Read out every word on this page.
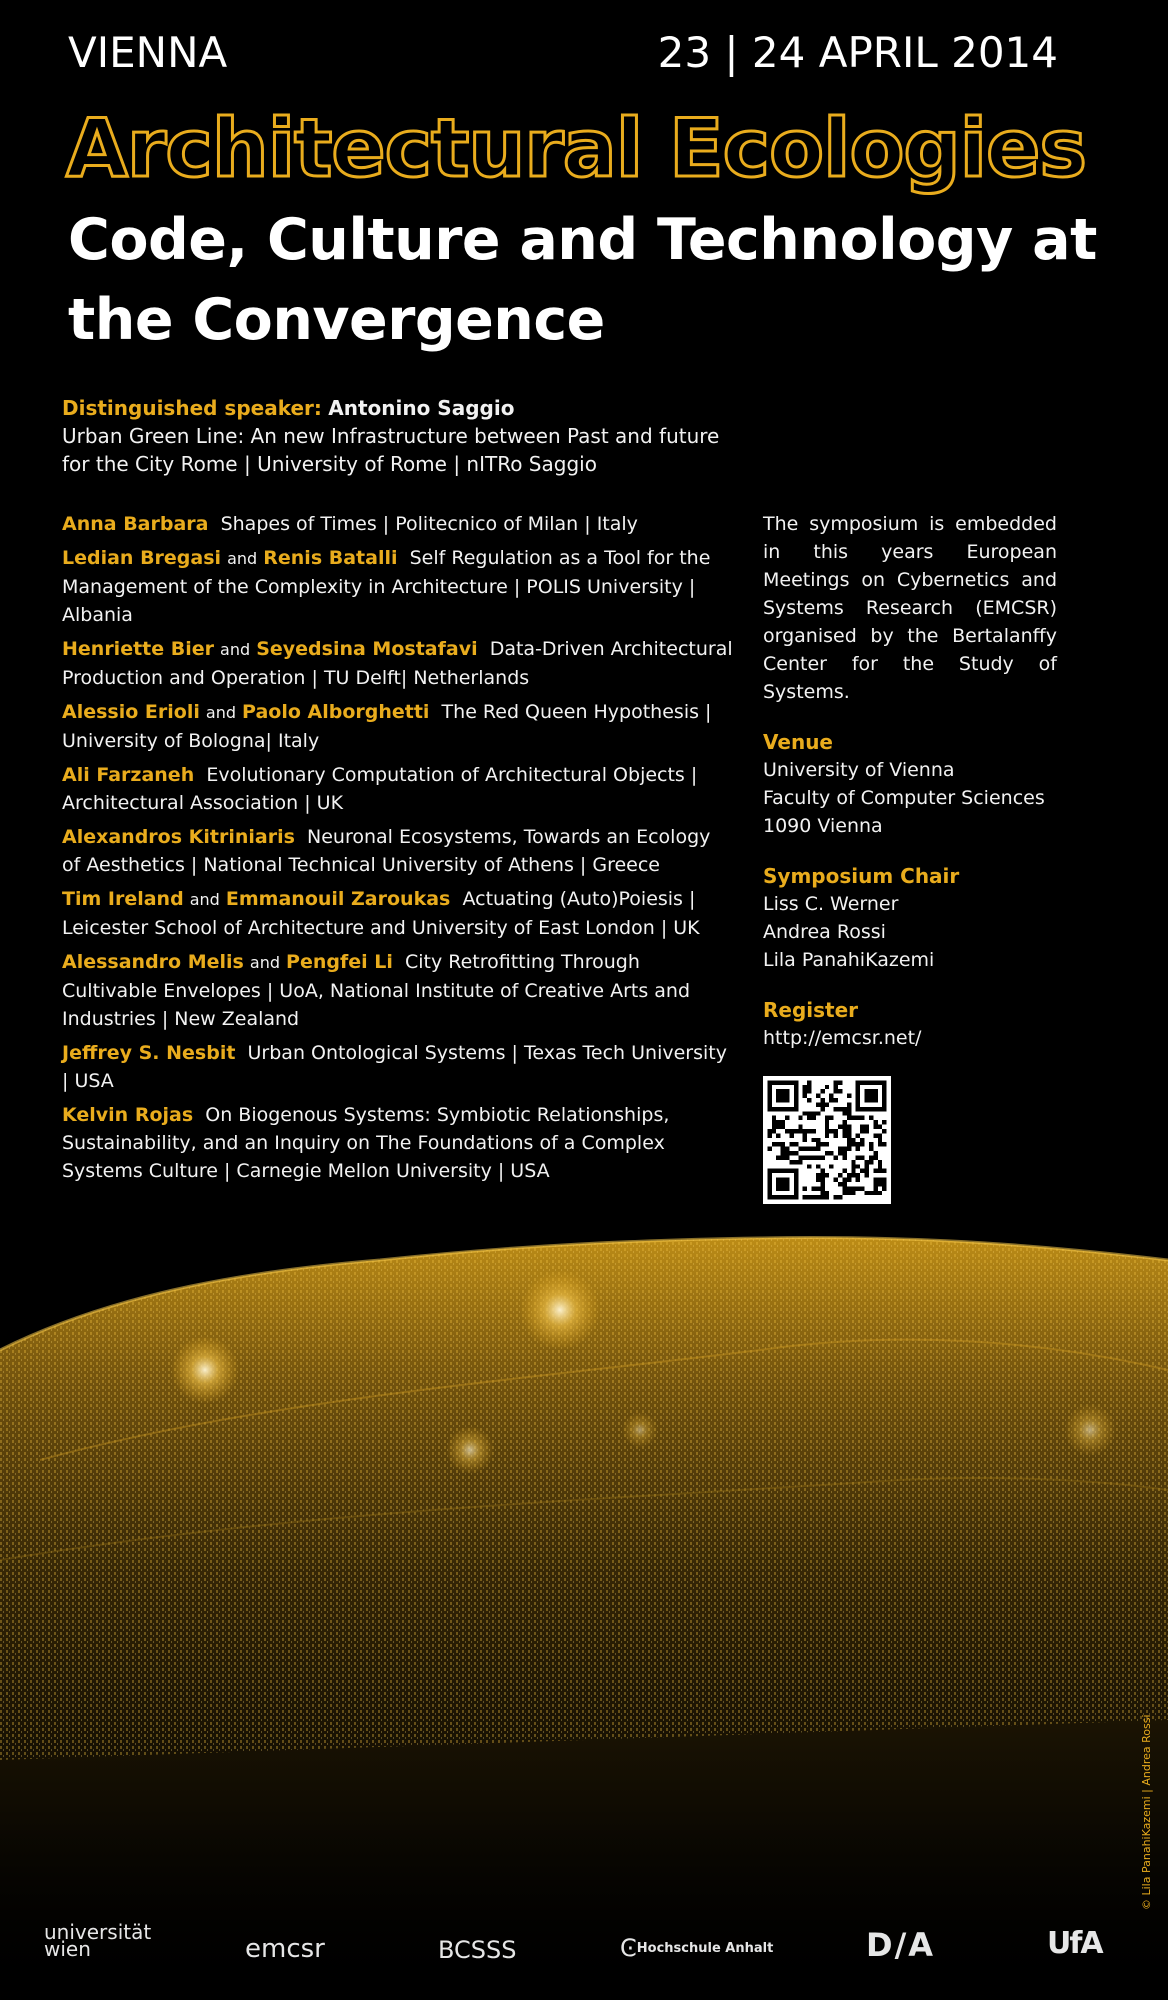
VIENNA	23 | 24 APRIL 2014
Architectural Ecologies
Code, Culture and Technology at the Convergence
Distinguished speaker: Antonino Saggio
Urban Green Line: An new Infrastructure between Past and future for the City Rome | University of Rome | nITRo Saggio
Anna Barbara Shapes of Times | Politecnico of Milan | Italy
Ledian Bregasi and Renis Batalli Self Regulation as a Tool for the Management of the Complexity in Architecture | POLIS University | Albania
Henriette Bier and Seyedsina Mostafavi Data-Driven Architectural Production and Operation | TU Delft| Netherlands
Alessio Erioli and Paolo Alborghetti The Red Queen Hypothesis | University of Bologna| Italy
Ali Farzaneh Evolutionary Computation of Architectural Objects | Architectural Association | UK
Alexandros Kitriniaris Neuronal Ecosystems, Towards an Ecology of Aesthetics | National Technical University of Athens | Greece
Tim Ireland and Emmanouil Zaroukas Actuating (Auto)Poiesis | Leicester School of Architecture and University of East London | UK
Alessandro Melis and Pengfei Li City Retrofitting Through Cultivable Envelopes | UoA, National Institute of Creative Arts and Industries | New Zealand
Jeffrey S. Nesbit Urban Ontological Systems | Texas Tech University | USA
Kelvin Rojas On Biogenous Systems: Symbiotic Relationships, Sustainability, and an Inquiry on The Foundations of a Complex Systems Culture | Carnegie Mellon University | USA
The symposium is embedded in this years European Meetings on Cybernetics and Systems Research (EMCSR) organised by the Bertalanffy Center for the Study of Systems.
Venue
University of Vienna
Faculty of Computer Sciences
1090 Vienna
Symposium Chair
Liss C. Werner
Andrea Rossi
Lila PanahiKazemi
Register
http://emcsr.net/
© Lila PanahiKazemi | Andrea Rossi
universität
wien	emcsr	BCSSS	ϾHochschule Anhalt	D/A	UfA
